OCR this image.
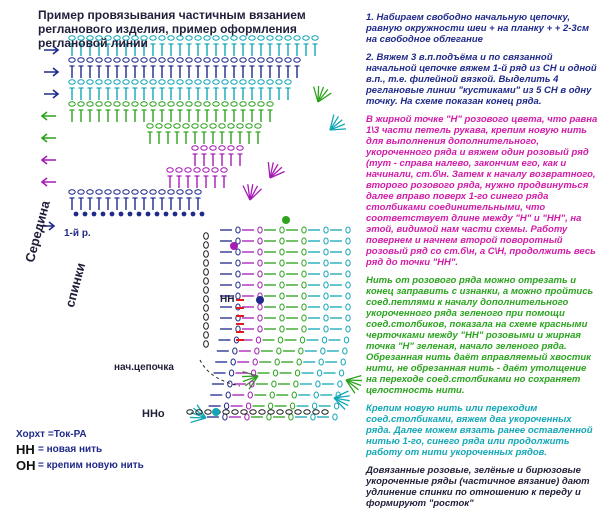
Пример провязывания частичным вязанием реглaнового изделия, пример оформления реглановой линии

1. Набираем свободно начальную цепочку, равную окружности шеи + на планку + + 2-3см на свободное облегание

2. Вяжем 3 в.п.подъёма и по связанной начальной цепочке вяжем 1-й ряд из СН и одной в.п., т.е. филейной вязкой. Выделить 4 реглановые линии "кустиками" из 5 СН в одну точку. На схеме показан конец ряда.

В жирной точке "Н" розового цвета, что равна 1\3 части петель рукава, крепим новую нить для выполнения дополнительного, укороченного ряда и вяжем один розовый ряд (тут - справа налево, закончим его, как и начинали, ст.б\н. Затем к началу возвратного, второго розового ряда, нужно продвинуться далее вправо поверх 1-го синего ряда столбиками соединительными, что соответствует длине между "Н" и "НН", на этой, видимой нам части схемы. Работу повернем и начнем второй поворотный розовый ряд со ст.б\н, а С\Н, продолжить весь ряд до точки "НН".

Нить от розового ряда можно отрезать и конец заправить с изнанки, а можно пройтись соед.петлями к началу дополнительного укороченного ряда зеленого при помощи соед.столбиков, показала на схеме красными черточками между "НН" розовыми и жирная точка "Н" зеленая, начало зеленого ряда. Обрезанная нить даёт вправляемый хвостик нити, не обрезанная нить - даёт утолщение на переходе соед.столбиками но сохраняет целостность нити.

Крепим новую нить или переходим соед.столбиками, вяжем два укороченных ряда. Далее можем вязать ранее оставленной нитью 1-го, синего ряда или продолжить работу от нити укороченных рядов.

Довязанные розовые, зелёные и бирюзовые укороченные ряды (частичное вязание) дают удлинение спинки по отношению к переду и формируют "росток"

1-й р.
Середина
спинки
нач.цепочка
НН
ННо
Хорхт =Ток-РА
НН = новая нить
ОН = крепим новую нить
